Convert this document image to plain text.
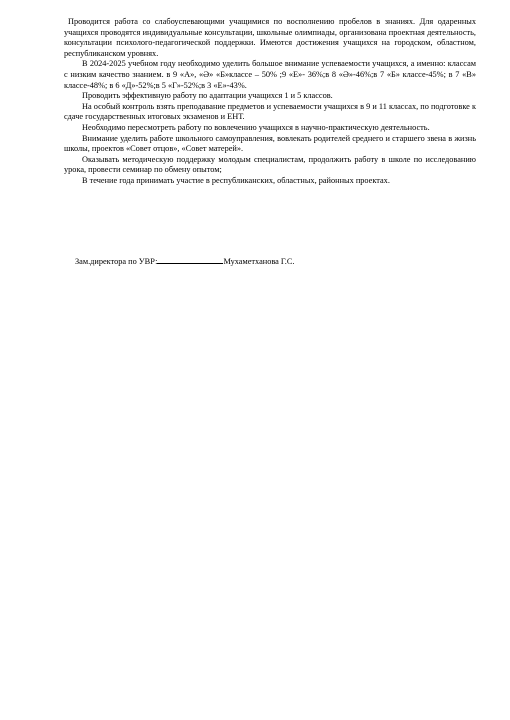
Проводится работа со слабоуспевающими учащимися по восполнению пробелов в знаниях. Для одаренных учащихся проводятся индивидуальные консультации, школьные олимпиады, организована проектная деятельность, консультации психолого-педагогической поддержки. Имеются достижения учащихся на городском, областном, республиканском уровнях.

В 2024-2025 учебном году необходимо уделить большое внимание успеваемости учащихся, а именно: классам с низким качество знанием. в 9 «А», «Ә» «Б»классе – 50% ;9 «Е»- 36%;в 8 «Ә»-46%;в 7 «Б» классе-45%; в 7 «В» классе-48%; в 6 «Д»-52%;в 5 «Г»-52%;в 3 «Е»-43%.

Проводить эффективную работу по адаптации учащихся 1 и 5 классов.

На особый контроль взять преподавание предметов и успеваемости учащихся в 9 и 11 классах, по подготовке к сдаче государственных итоговых экзаменов и ЕНТ.

Необходимо пересмотреть работу по вовлечению учащихся в научно-практическую деятельность.

Внимание уделить работе школьного самоуправления, вовлекать родителей среднего и старшего звена в жизнь школы, проектов «Совет отцов», «Совет матерей».

Оказывать методическую поддержку молодым специалистам, продолжить работу в школе по исследованию урока, провести семинар по обмену опытом;

В течение года принимать участие в республиканских, областных, районных проектах.

Зам.директора по УВР:	Мухаметханова Г.С.
